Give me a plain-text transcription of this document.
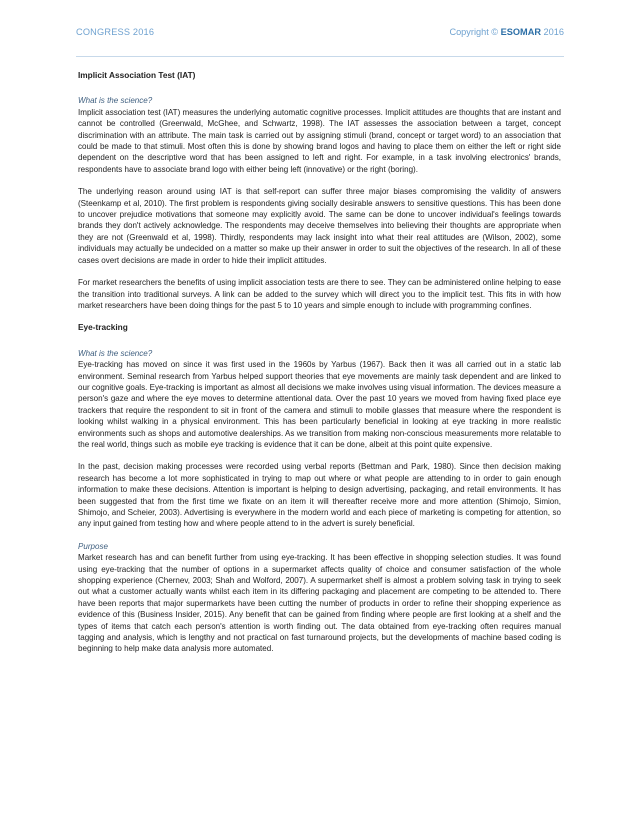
CONGRESS 2016	Copyright © ESOMAR 2016
Implicit Association Test (IAT)
What is the science?

Implicit association test (IAT) measures the underlying automatic cognitive processes. Implicit attitudes are thoughts that are instant and cannot be controlled (Greenwald, McGhee, and Schwartz, 1998). The IAT assesses the association between a target, concept discrimination with an attribute. The main task is carried out by assigning stimuli (brand, concept or target word) to an association that could be made to that stimuli. Most often this is done by showing brand logos and having to place them on either the left or right side dependent on the descriptive word that has been assigned to left and right. For example, in a task involving electronics' brands, respondents have to associate brand logo with either being left (innovative) or the right (boring).

The underlying reason around using IAT is that self-report can suffer three major biases compromising the validity of answers (Steenkamp et al, 2010). The first problem is respondents giving socially desirable answers to sensitive questions. This has been done to uncover prejudice motivations that someone may explicitly avoid. The same can be done to uncover individual's feelings towards brands they don't actively acknowledge. The respondents may deceive themselves into believing their thoughts are appropriate when they are not (Greenwald et al, 1998). Thirdly, respondents may lack insight into what their real attitudes are (Wilson, 2002), some individuals may actually be undecided on a matter so make up their answer in order to suit the objectives of the research. In all of these cases overt decisions are made in order to hide their implicit attitudes.

For market researchers the benefits of using implicit association tests are there to see. They can be administered online helping to ease the transition into traditional surveys. A link can be added to the survey which will direct you to the implicit test. This fits in with how market researchers have been doing things for the past 5 to 10 years and simple enough to include with programming confines.

Eye-tracking
What is the science?

Eye-tracking has moved on since it was first used in the 1960s by Yarbus (1967). Back then it was all carried out in a static lab environment. Seminal research from Yarbus helped support theories that eye movements are mainly task dependent and are linked to our cognitive goals. Eye-tracking is important as almost all decisions we make involves using visual information. The devices measure a person's gaze and where the eye moves to determine attentional data. Over the past 10 years we moved from having fixed place eye trackers that require the respondent to sit in front of the camera and stimuli to mobile glasses that measure where the respondent is looking whilst walking in a physical environment. This has been particularly beneficial in looking at eye tracking in more realistic environments such as shops and automotive dealerships. As we transition from making non-conscious measurements more relatable to the real world, things such as mobile eye tracking is evidence that it can be done, albeit at this point quite expensive.

In the past, decision making processes were recorded using verbal reports (Bettman and Park, 1980). Since then decision making research has become a lot more sophisticated in trying to map out where or what people are attending to in order to gain enough information to make these decisions. Attention is important is helping to design advertising, packaging, and retail environments. It has been suggested that from the first time we fixate on an item it will thereafter receive more and more attention (Shimojo, Simion, Shimojo, and Scheier, 2003). Advertising is everywhere in the modern world and each piece of marketing is competing for attention, so any input gained from testing how and where people attend to in the advert is surely beneficial.

Purpose

Market research has and can benefit further from using eye-tracking. It has been effective in shopping selection studies. It was found using eye-tracking that the number of options in a supermarket affects quality of choice and consumer satisfaction of the whole shopping experience (Chernev, 2003; Shah and Wolford, 2007). A supermarket shelf is almost a problem solving task in trying to seek out what a customer actually wants whilst each item in its differing packaging and placement are competing to be attended to. There have been reports that major supermarkets have been cutting the number of products in order to refine their shopping experience as evidence of this (Business Insider, 2015). Any benefit that can be gained from finding where people are first looking at a shelf and the types of items that catch each person's attention is worth finding out. The data obtained from eye-tracking often requires manual tagging and analysis, which is lengthy and not practical on fast turnaround projects, but the developments of machine based coding is beginning to help make data analysis more automated.
